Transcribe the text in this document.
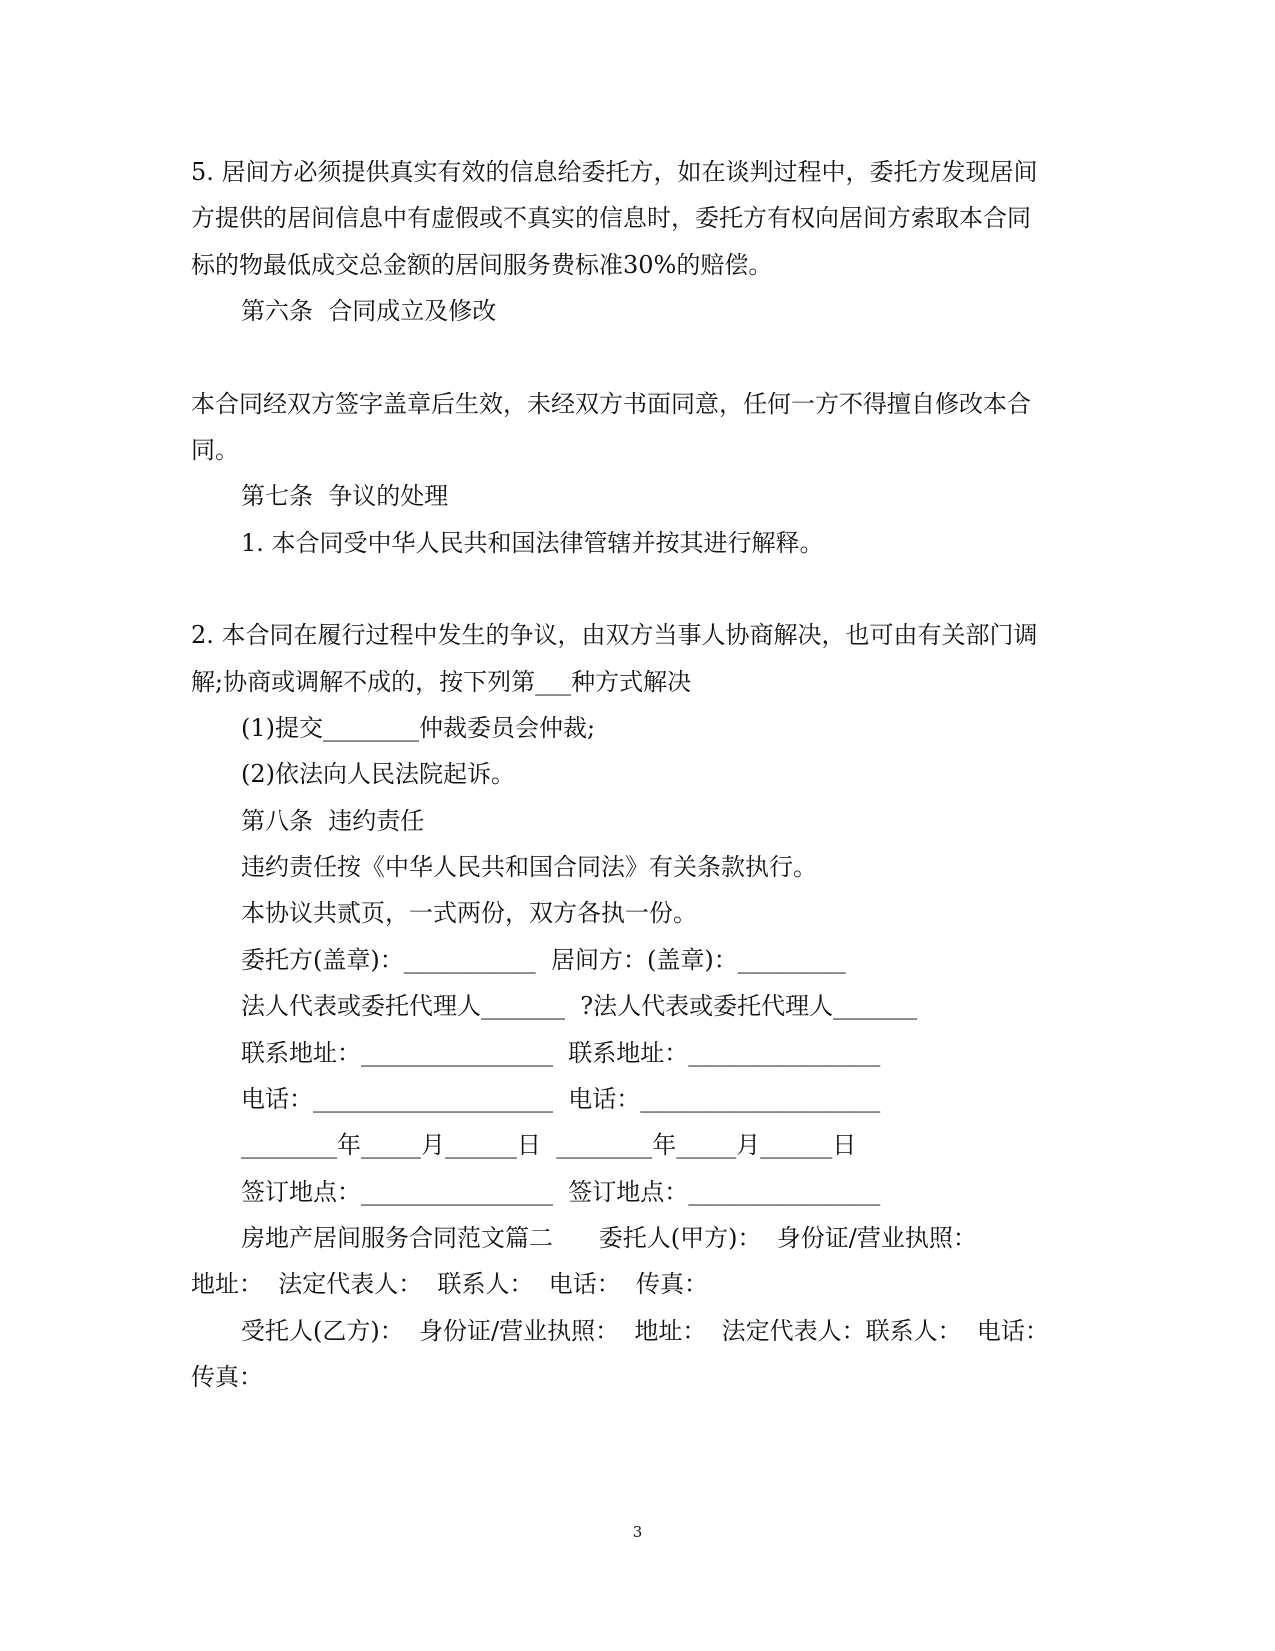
5. 居间方必须提供真实有效的信息给委托方，如在谈判过程中，委托方发现居间
方提供的居间信息中有虚假或不真实的信息时，委托方有权向居间方索取本合同
标的物最低成交总金额的居间服务费标准30%的赔偿。
第六条  合同成立及修改
本合同经双方签字盖章后生效，未经双方书面同意，任何一方不得擅自修改本合
同。
第七条  争议的处理
1. 本合同受中华人民共和国法律管辖并按其进行解释。
2. 本合同在履行过程中发生的争议，由双方当事人协商解决，也可由有关部门调
解;协商或调解不成的，按下列第___种方式解决
(1)提交________仲裁委员会仲裁;
(2)依法向人民法院起诉。
第八条  违约责任
违约责任按《中华人民共和国合同法》有关条款执行。
本协议共贰页，一式两份，双方各执一份。
委托方(盖章)：___________  居间方：(盖章)：_________
法人代表或委托代理人_______  ?法人代表或委托代理人_______
联系地址：________________  联系地址：________________
电话：____________________  电话：____________________
________年_____月______日  ________年_____月______日
签订地点：________________  签订地点：________________
房地产居间服务合同范文篇二      委托人(甲方)：  身份证/营业执照：
地址：  法定代表人：  联系人：  电话：  传真：
受托人(乙方)：  身份证/营业执照：  地址：  法定代表人：联系人：  电话：
传真：
3
